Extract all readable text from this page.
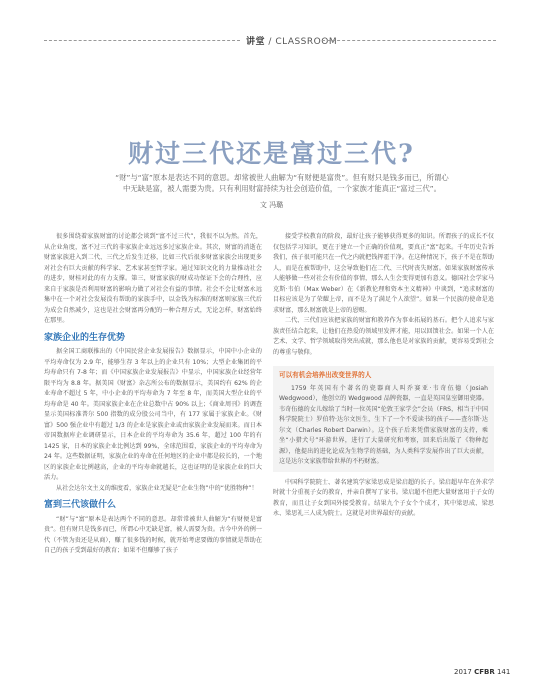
讲堂 / CLASSROOM
财过三代还是富过三代?
“财”与“富”原本是表达不同的意思。却常被世人曲解为“有财便是富贵”。但有财只是钱多而已，所谓心中无缺是富，被人需要为贵。只有利用财富持续为社会创造价值，一个家族才能真正“富过三代”。
文 冯璐

很多围绕着家族财富的讨论都会谈到“富不过三代”，我很不以为然。首先，从企业角度，富不过三代的非家族企业远远多过家族企业。其次，财富的消逝在财富家族进入到二代、三代之后发生迁移，比如三代后很多财富家族会出现更多对社会有巨大贡献的科学家、艺术家甚至哲学家。通过知识文化的力量推动社会的进步，财桂对此的有力支撑。第三，财富家族的财成功保证下会的合理性，应来自于家族是否利用财富的影响力做了对社会有益的事情。社会不会让财富永远集中在一个对社会发展没有帮助的家族手中，以金钱为标准的财富则家族三代后为成会自然减少，这也是社会财富再分配的一种合理方式，无论怎样，财富始终在那里。

家族企业的生存优势

据全国工商联推出的《中国民营企业发展报告》数据显示，中国中小企业的平均寿命仅为 2.9 年，能够生存 3 年以上的企业只有 10%；大型企业集团的平均寿命只有 7-8 年；而《中国家族企业发展报告》中显示，中国家族企业经营年限平均为 8.8 年。据美国《财富》杂志所公布的数据显示，美国约有 62% 的企业寿命不超过 5 年，中小企业的平均寿命为 7 年至 8 年，而美国大型企业的平均寿命是 40 年。美国家族企业在企业总数中占 90% 以上；《商业周刊》的调查显示美国标准普尔 500 指数的成分股公司当中，有 177 家属于家族企业。《财富》500 强企业中有超过 1/3 的企业是家族企业或由家族企业发展而来。而日本帝国数据库企业调研显示，日本企业的平均寿命为 35.6 年，超过 100 年的有 1425 家，日本的家族企业比例达到 99%，全球范围看，家族企业的平均寿命为 24 年。这些数据证明，家族企业的寿命在任何地区的企业中都是较长的，一个地区的家族企业比例越高，企业的平均寿命就越长，这也证明的是家族企业的巨大活力。

从社会达尔文主义的维度看，家族企业无疑是“企业生物”中的“优胜物种”！

富到三代该做什么

“财”与“富”原本是表达两个不同的意思。却常常被世人曲解为“有财便是富贵”。但有财只是钱多而已，所谓心中无缺是富，被人需要为贵。古今中外的例一代（不管为贵还是从商），赚了很多钱的时候，就开始考虑要做的事情就是帮助在自己的孩子受到最好的教育；如果不但赚够了孩子

接受学校教育的阶段，最好让孩子能够获得更多的知识。所谓孩子的成长不仅仅包括学习知识，更在于建立一个正确的价值观，要真正“富”起来。千年历史告诉我们，孩子很可能只在一代之内就把钱挥霍干净。在这种情况下，孩子不是在帮助人，而是在被帮助中，这会导致他们在二代、三代时丧失财富。如果家族财富传承人能够做一些对社会有价值的事情，那么人生会变得更加有意义。德国社会学家马克斯·韦伯（Max Weber）在《新教伦理和资本主义精神》中谈到，“追求财富的目标应该是为了荣耀上帝，而不是为了满足个人欲望”。如果一个民族的使命是追求财富，那么财富就是上帝的恩赐。

二代、三代们应该把家族的财富和教养作为事业拓展的基石。把个人追求与家族责任结合起来，让他们在热爱的领域里发挥才能，用以回馈社会。如果一个人在艺术、文学、哲学领域取得突出成就，那么他也是对家族的贡献，更容易受到社会的尊重与敬仰。

可以有机会培养出改变世界的人

1759 年英国有个著名的瓷器商人叫乔赛亚·韦奇伍德（Josiah Wedgwood），他创立的 Wedgwood 品牌瓷器，一直是英国皇室御用瓷器。韦奇伍德的女儿嫁给了当时一位英国“伦敦王家学会”会员（FRS，相当于中国科学院院士）罗伯特·达尔文医生，生下了一个不爱读书的孩子——查尔斯·达尔文（Charles Robert Darwin）。这个孩子后来凭借家族财富的支持，乘坐“小猎犬号”环游世界，进行了大量研究和考察，回来后出版了《物种起源》，他提出的进化论成为生物学的基础，为人类科学发展作出了巨大贡献，这是达尔文家族带给世界的不朽财富。

中国科学院院士、著名建筑学家梁思成是梁启超的长子。梁启超早年在外求学时就十分重视子女的教育，并亲自撰写了家书。梁启超不但把大量财富用于子女的教育，而且让子女到国外接受教育。结果九个子女个个成才，其中梁思成、梁思永、梁思礼三人成为院士。这就是对世界最好的贡献。

2017 CFBR 141
